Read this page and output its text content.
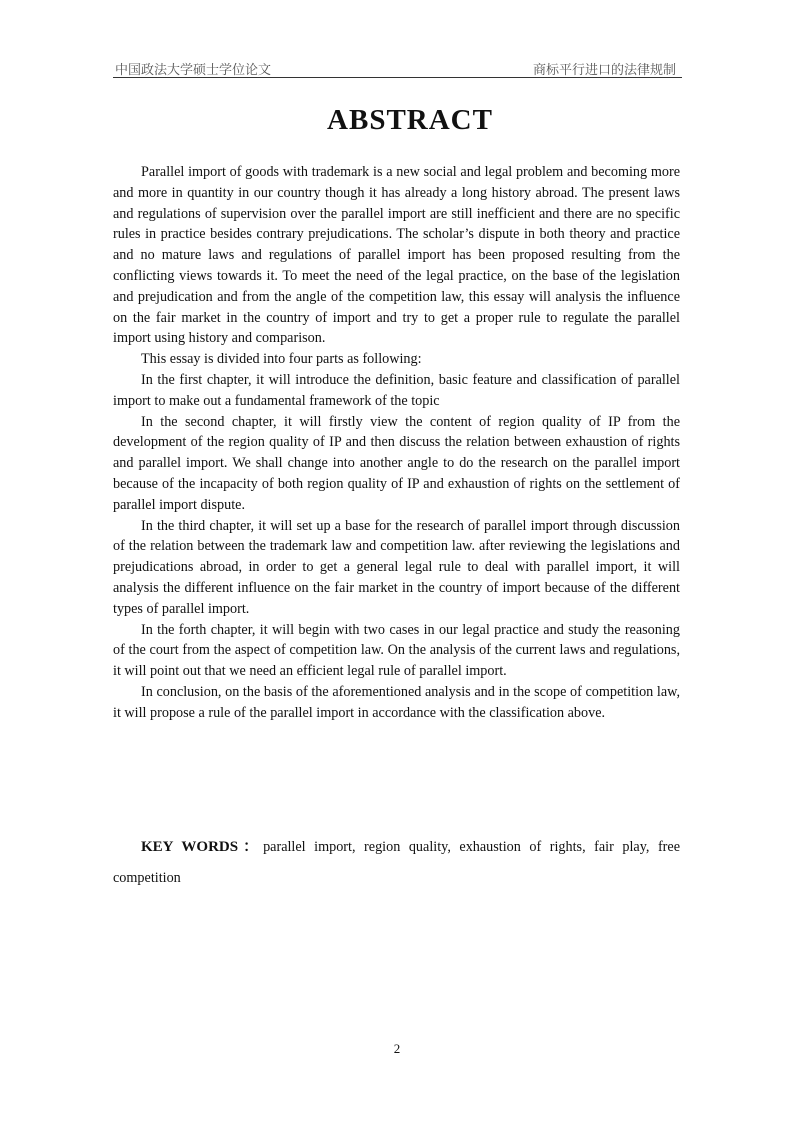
中国政法大学硕士学位论文	商标平行进口的法律规制
ABSTRACT

Parallel import of goods with trademark is a new social and legal problem and becoming more and more in quantity in our country though it has already a long history abroad. The present laws and regulations of supervision over the parallel import are still inefficient and there are no specific rules in practice besides contrary prejudications. The scholar’s dispute in both theory and practice and no mature laws and regulations of parallel import has been proposed resulting from the conflicting views towards it. To meet the need of the legal practice, on the base of the legislation and prejudication and from the angle of the competition law, this essay will analysis the influence on the fair market in the country of import and try to get a proper rule to regulate the parallel import using history and comparison.

This essay is divided into four parts as following:

In the first chapter, it will introduce the definition, basic feature and classification of parallel import to make out a fundamental framework of the topic

In the second chapter, it will firstly view the content of region quality of IP from the development of the region quality of IP and then discuss the relation between exhaustion of rights and parallel import. We shall change into another angle to do the research on the parallel import because of the incapacity of both region quality of IP and exhaustion of rights on the settlement of parallel import dispute.

In the third chapter, it will set up a base for the research of parallel import through discussion of the relation between the trademark law and competition law. after reviewing the legislations and prejudications abroad, in order to get a general legal rule to deal with parallel import, it will analysis the different influence on the fair market in the country of import because of the different types of parallel import.

In the forth chapter, it will begin with two cases in our legal practice and study the reasoning of the court from the aspect of competition law. On the analysis of the current laws and regulations, it will point out that we need an efficient legal rule of parallel import.

In conclusion, on the basis of the aforementioned analysis and in the scope of competition law, it will propose a rule of the parallel import in accordance with the classification above.

KEY WORDS：parallel import, region quality, exhaustion of rights, fair play, free competition

2
